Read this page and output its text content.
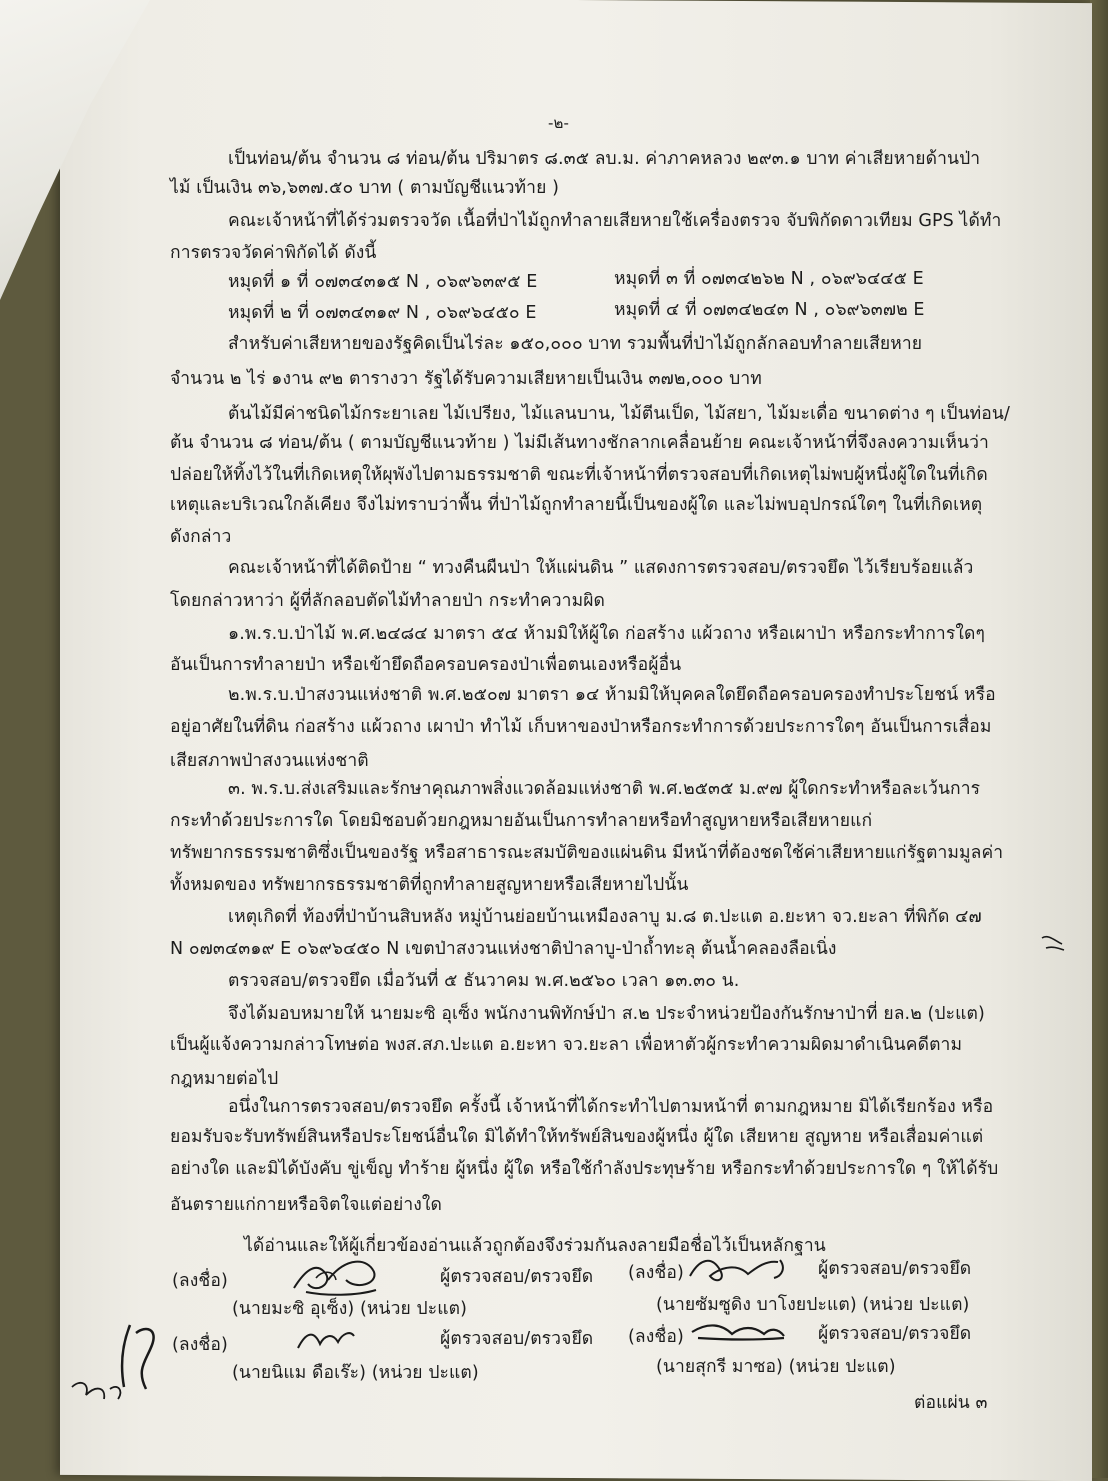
-๒-
เป็นท่อน/ต้น จำนวน ๘ ท่อน/ต้น ปริมาตร ๘.๓๕ ลบ.ม. ค่าภาคหลวง ๒๙๓.๑ บาท ค่าเสียหายด้านป่า
ไม้ เป็นเงิน ๓๖,๖๓๗.๕๐ บาท ( ตามบัญชีแนวท้าย )
คณะเจ้าหน้าที่ได้ร่วมตรวจวัด เนื้อที่ป่าไม้ถูกทำลายเสียหายใช้เครื่องตรวจ จับพิกัดดาวเทียม GPS ได้ทำ
การตรวจวัดค่าพิกัดได้ ดังนี้
หมุดที่ ๑ ที่ ๐๗๓๔๓๑๕ N , ๐๖๙๖๓๙๕ E	หมุดที่ ๓ ที่ ๐๗๓๔๒๖๒ N , ๐๖๙๖๔๔๕ E
หมุดที่ ๒ ที่ ๐๗๓๔๓๑๙ N , ๐๖๙๖๔๕๐ E	หมุดที่ ๔ ที่ ๐๗๓๔๒๔๓ N , ๐๖๙๖๓๗๒ E
สำหรับค่าเสียหายของรัฐคิดเป็นไร่ละ ๑๕๐,๐๐๐ บาท รวมพื้นที่ป่าไม้ถูกลักลอบทำลายเสียหาย
จำนวน ๒ ไร่ ๑งาน ๙๒ ตารางวา รัฐได้รับความเสียหายเป็นเงิน ๓๗๒,๐๐๐ บาท
ต้นไม้มีค่าชนิดไม้กระยาเลย ไม้เปรียง, ไม้แลนบาน, ไม้ตีนเป็ด, ไม้สยา, ไม้มะเดื่อ ขนาดต่าง ๆ เป็นท่อน/
ต้น จำนวน ๘ ท่อน/ต้น ( ตามบัญชีแนวท้าย ) ไม่มีเส้นทางชักลากเคลื่อนย้าย คณะเจ้าหน้าที่จึงลงความเห็นว่า
ปล่อยให้ทิ้งไว้ในที่เกิดเหตุให้ผุพังไปตามธรรมชาติ ขณะที่เจ้าหน้าที่ตรวจสอบที่เกิดเหตุไม่พบผู้หนึ่งผู้ใดในที่เกิด
เหตุและบริเวณใกล้เคียง จึงไม่ทราบว่าพื้น ที่ป่าไม้ถูกทำลายนี้เป็นของผู้ใด และไม่พบอุปกรณ์ใดๆ ในที่เกิดเหตุ
ดังกล่าว
คณะเจ้าหน้าที่ได้ติดป้าย “ ทวงคืนผืนป่า ให้แผ่นดิน ” แสดงการตรวจสอบ/ตรวจยึด ไว้เรียบร้อยแล้ว
โดยกล่าวหาว่า ผู้ที่ลักลอบตัดไม้ทำลายป่า กระทำความผิด
๑.พ.ร.บ.ป่าไม้ พ.ศ.๒๔๘๔ มาตรา ๕๔ ห้ามมิให้ผู้ใด ก่อสร้าง แผ้วถาง หรือเผาป่า หรือกระทำการใดๆ
อันเป็นการทำลายป่า หรือเข้ายึดถือครอบครองป่าเพื่อตนเองหรือผู้อื่น
๒.พ.ร.บ.ป่าสงวนแห่งชาติ พ.ศ.๒๕๐๗ มาตรา ๑๔ ห้ามมิให้บุคคลใดยึดถือครอบครองทำประโยชน์ หรือ
อยู่อาศัยในที่ดิน ก่อสร้าง แผ้วถาง เผาป่า ทำไม้ เก็บหาของป่าหรือกระทำการด้วยประการใดๆ อันเป็นการเสื่อม
เสียสภาพป่าสงวนแห่งชาติ
๓. พ.ร.บ.ส่งเสริมและรักษาคุณภาพสิ่งแวดล้อมแห่งชาติ พ.ศ.๒๕๓๕ ม.๙๗ ผู้ใดกระทำหรือละเว้นการ
กระทำด้วยประการใด โดยมิชอบด้วยกฎหมายอันเป็นการทำลายหรือทำสูญหายหรือเสียหายแก่
ทรัพยากรธรรมชาติซึ่งเป็นของรัฐ หรือสาธารณะสมบัติของแผ่นดิน มีหน้าที่ต้องชดใช้ค่าเสียหายแก่รัฐตามมูลค่า
ทั้งหมดของ ทรัพยากรธรรมชาติที่ถูกทำลายสูญหายหรือเสียหายไปนั้น
เหตุเกิดที่ ท้องที่ป่าบ้านสิบหลัง หมู่บ้านย่อยบ้านเหมืองลาบู ม.๘ ต.ปะแต อ.ยะหา จว.ยะลา ที่พิกัด ๔๗
N ๐๗๓๔๓๑๙ E ๐๖๙๖๔๕๐ N เขตป่าสงวนแห่งชาติป่าลาบู-ป่าถ้ำทะลุ ต้นน้ำคลองลือเนิ่ง
ตรวจสอบ/ตรวจยึด เมื่อวันที่ ๕ ธันวาคม พ.ศ.๒๕๖๐ เวลา ๑๓.๓๐ น.
จึงได้มอบหมายให้ นายมะซิ อุเซ็ง พนักงานพิทักษ์ป่า ส.๒ ประจำหน่วยป้องกันรักษาป่าที่ ยล.๒ (ปะแต)
เป็นผู้แจ้งความกล่าวโทษต่อ พงส.สภ.ปะแต อ.ยะหา จว.ยะลา เพื่อหาตัวผู้กระทำความผิดมาดำเนินคดีตาม
กฎหมายต่อไป
อนึ่งในการตรวจสอบ/ตรวจยึด ครั้งนี้ เจ้าหน้าที่ได้กระทำไปตามหน้าที่ ตามกฎหมาย มิได้เรียกร้อง หรือ
ยอมรับจะรับทรัพย์สินหรือประโยชน์อื่นใด มิได้ทำให้ทรัพย์สินของผู้หนึ่ง ผู้ใด เสียหาย สูญหาย หรือเสื่อมค่าแต่
อย่างใด และมิได้บังคับ ขู่เข็ญ ทำร้าย ผู้หนึ่ง ผู้ใด หรือใช้กำลังประทุษร้าย หรือกระทำด้วยประการใด ๆ ให้ได้รับ
อันตรายแก่กายหรือจิตใจแต่อย่างใด
ได้อ่านและให้ผู้เกี่ยวข้องอ่านแล้วถูกต้องจึงร่วมกันลงลายมือชื่อไว้เป็นหลักฐาน
(ลงชื่อ)	ผู้ตรวจสอบ/ตรวจยึด
(นายมะซิ อุเซ็ง) (หน่วย ปะแต)
(ลงชื่อ)	ผู้ตรวจสอบ/ตรวจยึด
(นายซัมซูดิง บาโงยปะแต) (หน่วย ปะแต)
(ลงชื่อ)	ผู้ตรวจสอบ/ตรวจยึด
(นายนิแม ดือเร๊ะ) (หน่วย ปะแต)
(ลงชื่อ)	ผู้ตรวจสอบ/ตรวจยึด
(นายสุกรี มาซอ) (หน่วย ปะแต)
ต่อแผ่น ๓
